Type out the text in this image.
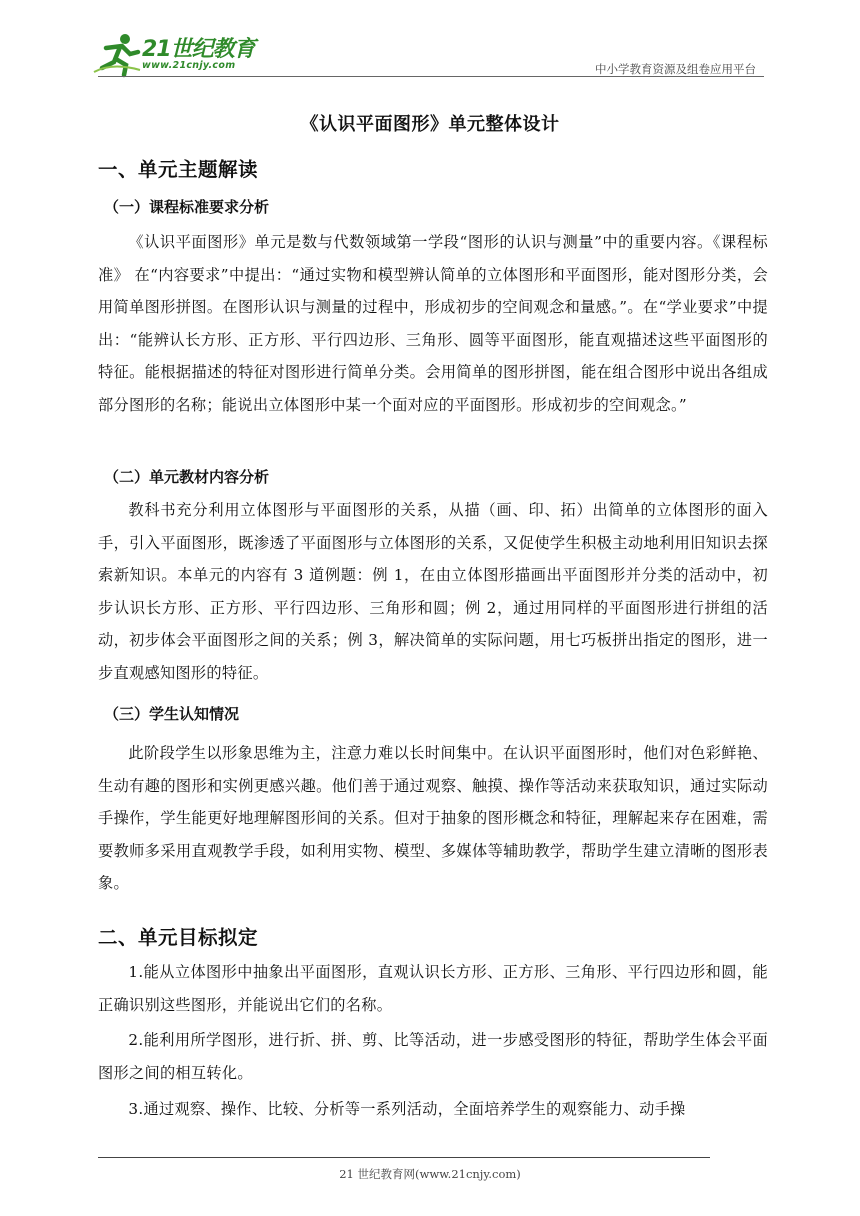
21世纪教育
www.21cnjy.com	中小学教育资源及组卷应用平台
《认识平面图形》单元整体设计
一、单元主题解读
（一）课程标准要求分析

《认识平面图形》单元是数与代数领域第一学段“图形的认识与测量”中的重要内容。《课程标准》 在“内容要求”中提出：“通过实物和模型辨认简单的立体图形和平面图形，能对图形分类，会用简单图形拼图。在图形认识与测量的过程中，形成初步的空间观念和量感。”。在“学业要求”中提出：“能辨认长方形、正方形、平行四边形、三角形、圆等平面图形，能直观描述这些平面图形的特征。能根据描述的特征对图形进行简单分类。会用简单的图形拼图，能在组合图形中说出各组成部分图形的名称；能说出立体图形中某一个面对应的平面图形。形成初步的空间观念。”

（二）单元教材内容分析

教科书充分利用立体图形与平面图形的关系，从描（画、印、拓）出简单的立体图形的面入手，引入平面图形，既渗透了平面图形与立体图形的关系，又促使学生积极主动地利用旧知识去探索新知识。本单元的内容有 3 道例题：例 1，在由立体图形描画出平面图形并分类的活动中，初步认识长方形、正方形、平行四边形、三角形和圆；例 2，通过用同样的平面图形进行拼组的活动，初步体会平面图形之间的关系；例 3，解决简单的实际问题，用七巧板拼出指定的图形，进一步直观感知图形的特征。

（三）学生认知情况

此阶段学生以形象思维为主，注意力难以长时间集中。在认识平面图形时，他们对色彩鲜艳、生动有趣的图形和实例更感兴趣。他们善于通过观察、触摸、操作等活动来获取知识，通过实际动手操作，学生能更好地理解图形间的关系。但对于抽象的图形概念和特征，理解起来存在困难，需要教师多采用直观教学手段，如利用实物、模型、多媒体等辅助教学，帮助学生建立清晰的图形表象。

二、单元目标拟定

1.能从立体图形中抽象出平面图形，直观认识长方形、正方形、三角形、平行四边形和圆，能正确识别这些图形，并能说出它们的名称。

2.能利用所学图形，进行折、拼、剪、比等活动，进一步感受图形的特征，帮助学生体会平面图形之间的相互转化。

3.通过观察、操作、比较、分析等一系列活动，全面培养学生的观察能力、动手操

21 世纪教育网(www.21cnjy.com)
